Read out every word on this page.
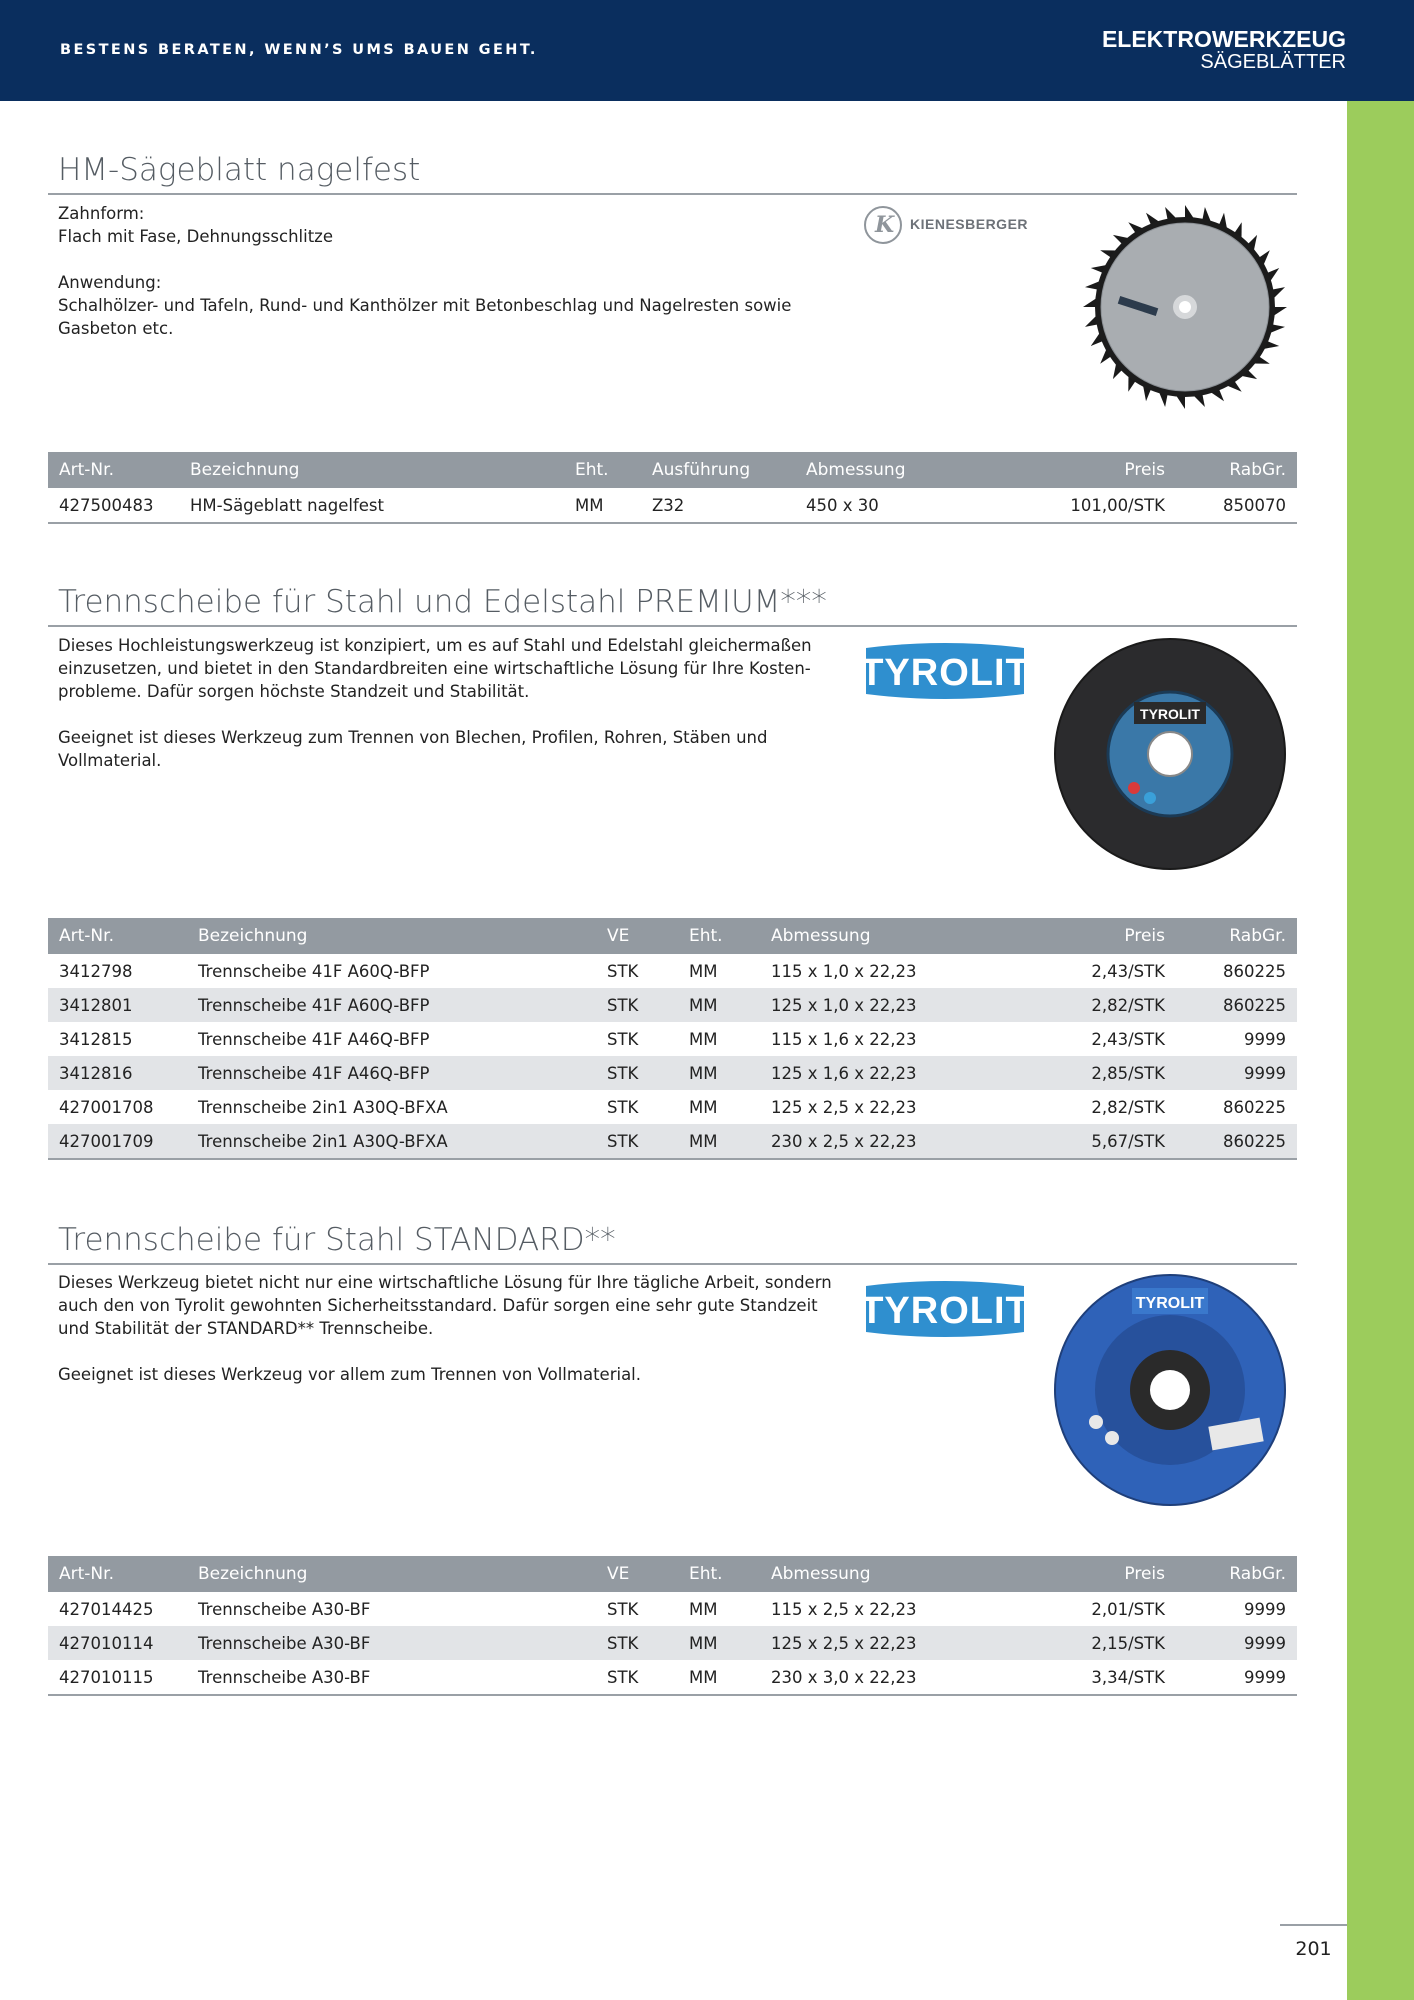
BESTENS BERATEN, WENN’S UMS BAUEN GEHT.	ELEKTROWERKZEUG
SÄGEBLÄTTER
HM-Sägeblatt nagelfest

Zahnform:

Flach mit Fase, Dehnungsschlitze

Anwendung:

Schalhölzer- und Tafeln, Rund- und Kanthölzer mit Betonbeschlag und Nagelresten sowie

Gasbeton etc.

K KIENESBERGER
Art-Nr.	Bezeichnung	Eht.	Ausführung	Abmessung	Preis	RabGr.
427500483	HM-Sägeblatt nagelfest	MM	Z32	450 x 30	101,00/STK	850070
Trennscheibe für Stahl und Edelstahl PREMIUM***

Dieses Hochleistungswerkzeug ist konzipiert, um es auf Stahl und Edelstahl gleichermaßen

einzusetzen, und bietet in den Standardbreiten eine wirtschaftliche Lösung für Ihre Kosten-

probleme. Dafür sorgen höchste Standzeit und Stabilität.

Geeignet ist dieses Werkzeug zum Trennen von Blechen, Profilen, Rohren, Stäben und

Vollmaterial.

TYROLIT
TYROLIT
Art-Nr.	Bezeichnung	VE	Eht.	Abmessung	Preis	RabGr.
3412798	Trennscheibe 41F A60Q-BFP	STK	MM	115 x 1,0 x 22,23	2,43/STK	860225
3412801	Trennscheibe 41F A60Q-BFP	STK	MM	125 x 1,0 x 22,23	2,82/STK	860225
3412815	Trennscheibe 41F A46Q-BFP	STK	MM	115 x 1,6 x 22,23	2,43/STK	9999
3412816	Trennscheibe 41F A46Q-BFP	STK	MM	125 x 1,6 x 22,23	2,85/STK	9999
427001708	Trennscheibe 2in1 A30Q-BFXA	STK	MM	125 x 2,5 x 22,23	2,82/STK	860225
427001709	Trennscheibe 2in1 A30Q-BFXA	STK	MM	230 x 2,5 x 22,23	5,67/STK	860225
Trennscheibe für Stahl STANDARD**

Dieses Werkzeug bietet nicht nur eine wirtschaftliche Lösung für Ihre tägliche Arbeit, sondern

auch den von Tyrolit gewohnten Sicherheitsstandard. Dafür sorgen eine sehr gute Standzeit

und Stabilität der STANDARD** Trennscheibe.

Geeignet ist dieses Werkzeug vor allem zum Trennen von Vollmaterial.

TYROLIT	TYROLIT
Art-Nr.	Bezeichnung	VE	Eht.	Abmessung	Preis	RabGr.
427014425	Trennscheibe A30-BF	STK	MM	115 x 2,5 x 22,23	2,01/STK	9999
427010114	Trennscheibe A30-BF	STK	MM	125 x 2,5 x 22,23	2,15/STK	9999
427010115	Trennscheibe A30-BF	STK	MM	230 x 3,0 x 22,23	3,34/STK	9999
201
